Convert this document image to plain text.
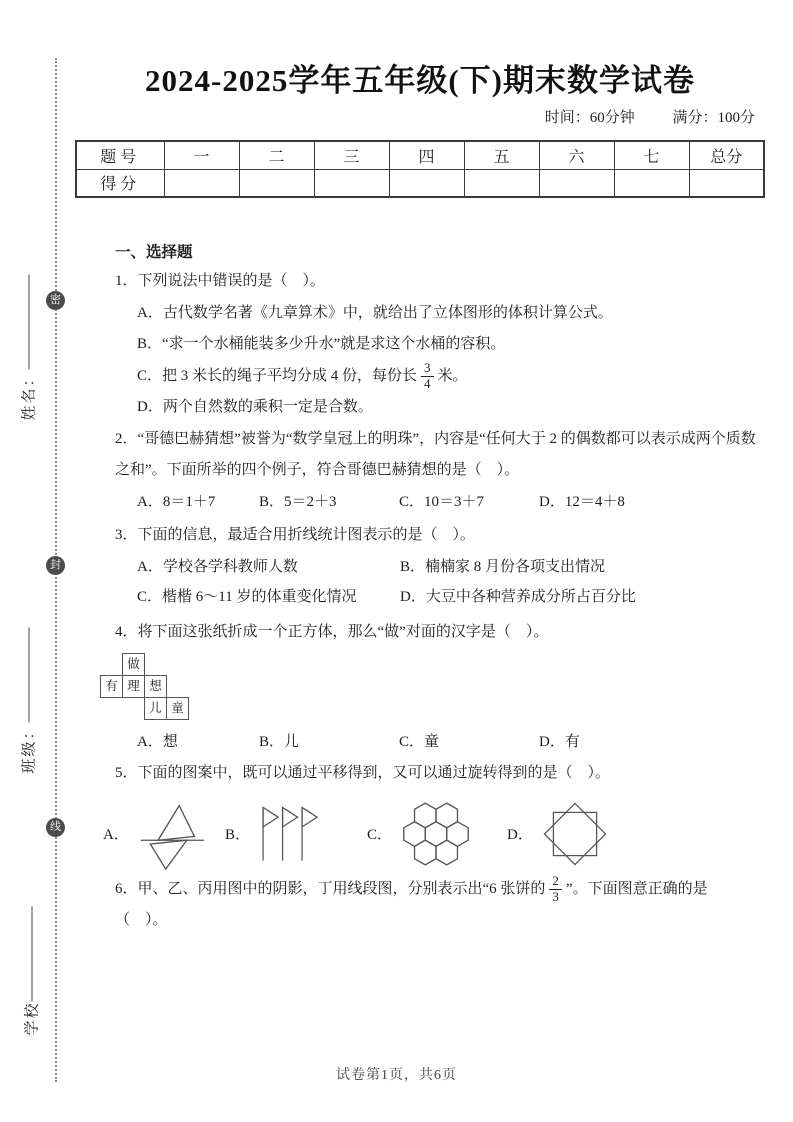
密
封
线
姓名：
班级：
学校
2024-2025学年五年级(下)期末数学试卷
时间：60分钟	满分：100分
题号	一	二	三	四	五	六	七	总分
得分								
一、选择题

1．下列说法中错误的是（　）。

A．古代数学名著《九章算术》中，就给出了立体图形的体积计算公式。

B．“求一个水桶能装多少升水”就是求这个水桶的容积。

C．把 3 米长的绳子平均分成 4 份，每份长 $\frac{3}{4}$ 米。

D．两个自然数的乘积一定是合数。

2．“哥德巴赫猜想”被誉为“数学皇冠上的明珠”，内容是“任何大于 2 的偶数都可以表示成两个质数之和”。下面所举的四个例子，符合哥德巴赫猜想的是（　）。

A．8＝1＋7	B．5＝2＋3	C．10＝3＋7	D．12＝4＋8

3．下面的信息，最适合用折线统计图表示的是（　）。

A．学校各学科教师人数	B．楠楠家 8 月份各项支出情况
C．楷楷 6～11 岁的体重变化情况	D．大豆中各种营养成分所占百分比

4．将下面这张纸折成一个正方体，那么“做”对面的汉字是（　）。

做
有 理 想
儿 童
A．想	B．儿	C．童	D．有

5．下面的图案中，既可以通过平移得到，又可以通过旋转得到的是（　）。

A．	B．	C．	D．

6．甲、乙、丙用图中的阴影，丁用线段图，分别表示出“6 张饼的 $\frac{2}{3}$ ”。下面图意正确的是

（　）。

试卷第1页，共6页
